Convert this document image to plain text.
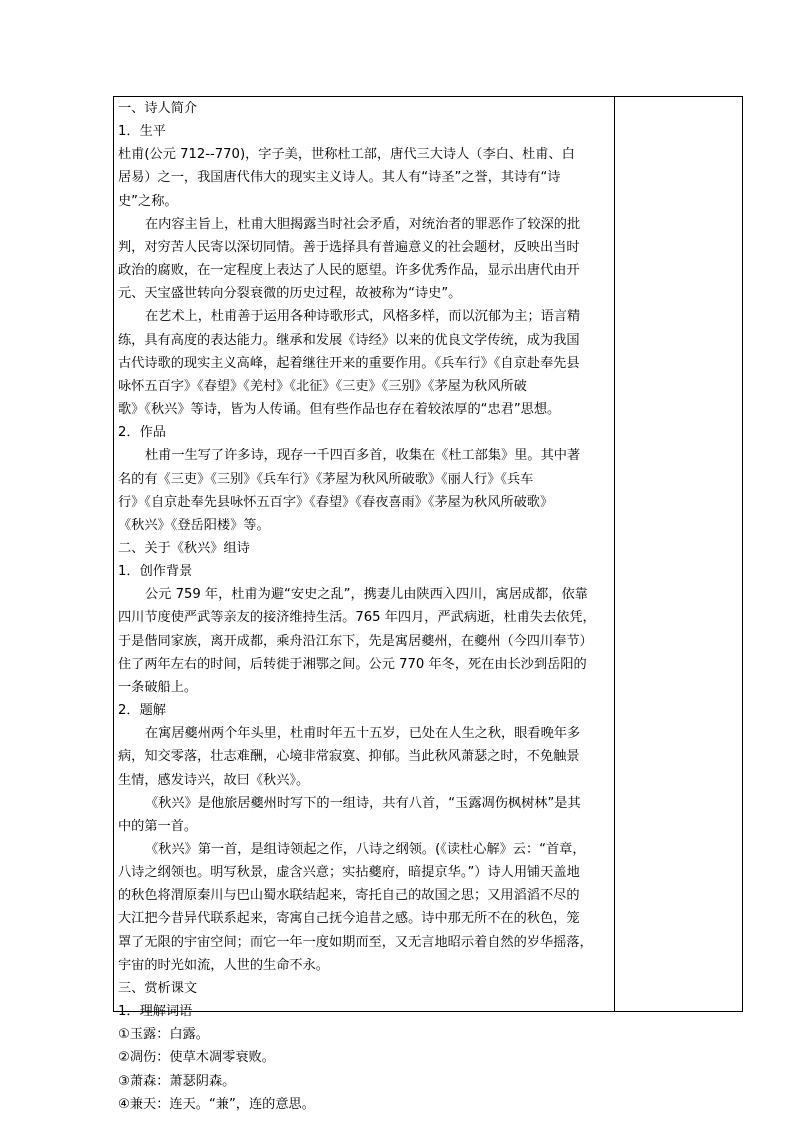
一、诗人简介
1．生平
杜甫(公元 712--770)，字子美，世称杜工部，唐代三大诗人（李白、杜甫、白
居易）之一，我国唐代伟大的现实主义诗人。其人有“诗圣”之誉，其诗有“诗
史”之称。
在内容主旨上，杜甫大胆揭露当时社会矛盾，对统治者的罪恶作了较深的批
判，对穷苦人民寄以深切同情。善于选择具有普遍意义的社会题材，反映出当时
政治的腐败，在一定程度上表达了人民的愿望。许多优秀作品，显示出唐代由开
元、天宝盛世转向分裂衰微的历史过程，故被称为“诗史”。
在艺术上，杜甫善于运用各种诗歌形式，风格多样，而以沉郁为主；语言精
练，具有高度的表达能力。继承和发展《诗经》以来的优良文学传统，成为我国
古代诗歌的现实主义高峰，起着继往开来的重要作用。《兵车行》《自京赴奉先县
咏怀五百字》《春望》《羌村》《北征》《三吏》《三别》《茅屋为秋风所破
歌》《秋兴》等诗，皆为人传诵。但有些作品也存在着较浓厚的“忠君”思想。
2．作品
杜甫一生写了许多诗，现存一千四百多首，收集在《杜工部集》里。其中著
名的有《三吏》《三别》《兵车行》《茅屋为秋风所破歌》《丽人行》《兵车
行》《自京赴奉先县咏怀五百字》《春望》《春夜喜雨》《茅屋为秋风所破歌》
《秋兴》《登岳阳楼》等。
二、关于《秋兴》组诗
1．创作背景
公元 759 年，杜甫为避“安史之乱”，携妻儿由陕西入四川，寓居成都，依靠
四川节度使严武等亲友的接济维持生活。765 年四月，严武病逝，杜甫失去依凭，
于是偕同家族，离开成都，乘舟沿江东下，先是寓居夔州，在夔州（今四川奉节）
住了两年左右的时间，后转徙于湘鄂之间。公元 770 年冬，死在由长沙到岳阳的
一条破船上。
2．题解
在寓居夔州两个年头里，杜甫时年五十五岁，已处在人生之秋，眼看晚年多
病，知交零落，壮志难酬，心境非常寂寞、抑郁。当此秋风萧瑟之时，不免触景
生情，感发诗兴，故曰《秋兴》。
《秋兴》是他旅居夔州时写下的一组诗，共有八首，“玉露凋伤枫树林”是其
中的第一首。
《秋兴》第一首，是组诗领起之作，八诗之纲领。(《读杜心解》云：“首章，
八诗之纲领也。明写秋景，虚含兴意；实拈夔府，暗提京华。”）诗人用铺天盖地
的秋色将渭原秦川与巴山蜀水联结起来，寄托自己的故国之思；又用滔滔不尽的
大江把今昔异代联系起来，寄寓自己抚今追昔之感。诗中那无所不在的秋色，笼
罩了无限的宇宙空间；而它一年一度如期而至，又无言地昭示着自然的岁华摇落，
宇宙的时光如流，人世的生命不永。
三、赏析课文
1．理解词语
①玉露：白露。
②凋伤：使草木凋零衰败。
③萧森：萧瑟阴森。
④兼天：连天。“兼”，连的意思。
